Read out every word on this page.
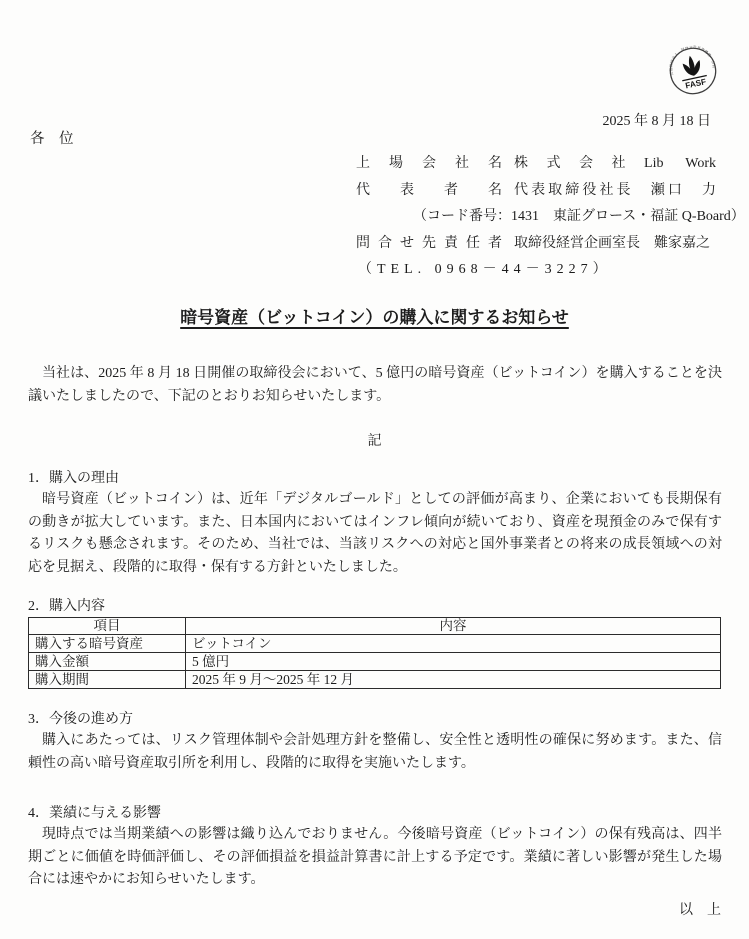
公益財団法人　財務会計基準機構　会員
FASF
2025 年 8 月 18 日
各　位
上場会社名 株式会社Lib Work
代表者名 代表取締役社長　瀬口　力
（コード番号：1431　東証グロース・福証 Q-Board）
問合せ先責任者 取締役経営企画室長　難家嘉之
（TEL. 0968－44－3227）
暗号資産（ビットコイン）の購入に関するお知らせ

当社は、2025 年 8 月 18 日開催の取締役会において、5 億円の暗号資産（ビットコイン）を購入することを決議いたしましたので、下記のとおりお知らせいたします。

記
1．購入の理由

暗号資産（ビットコイン）は、近年「デジタルゴールド」としての評価が高まり、企業においても長期保有の動きが拡大しています。また、日本国内においてはインフレ傾向が続いており、資産を現預金のみで保有するリスクも懸念されます。そのため、当社では、当該リスクへの対応と国外事業者との将来の成長領域への対応を見据え、段階的に取得・保有する方針といたしました。

2．購入内容
項目	内容
購入する暗号資産	ビットコイン
購入金額	5 億円
購入期間	2025 年 9 月～2025 年 12 月
3．今後の進め方

購入にあたっては、リスク管理体制や会計処理方針を整備し、安全性と透明性の確保に努めます。また、信頼性の高い暗号資産取引所を利用し、段階的に取得を実施いたします。

4．業績に与える影響

現時点では当期業績への影響は織り込んでおりません。今後暗号資産（ビットコイン）の保有残高は、四半期ごとに価値を時価評価し、その評価損益を損益計算書に計上する予定です。業績に著しい影響が発生した場合には速やかにお知らせいたします。

以　上
